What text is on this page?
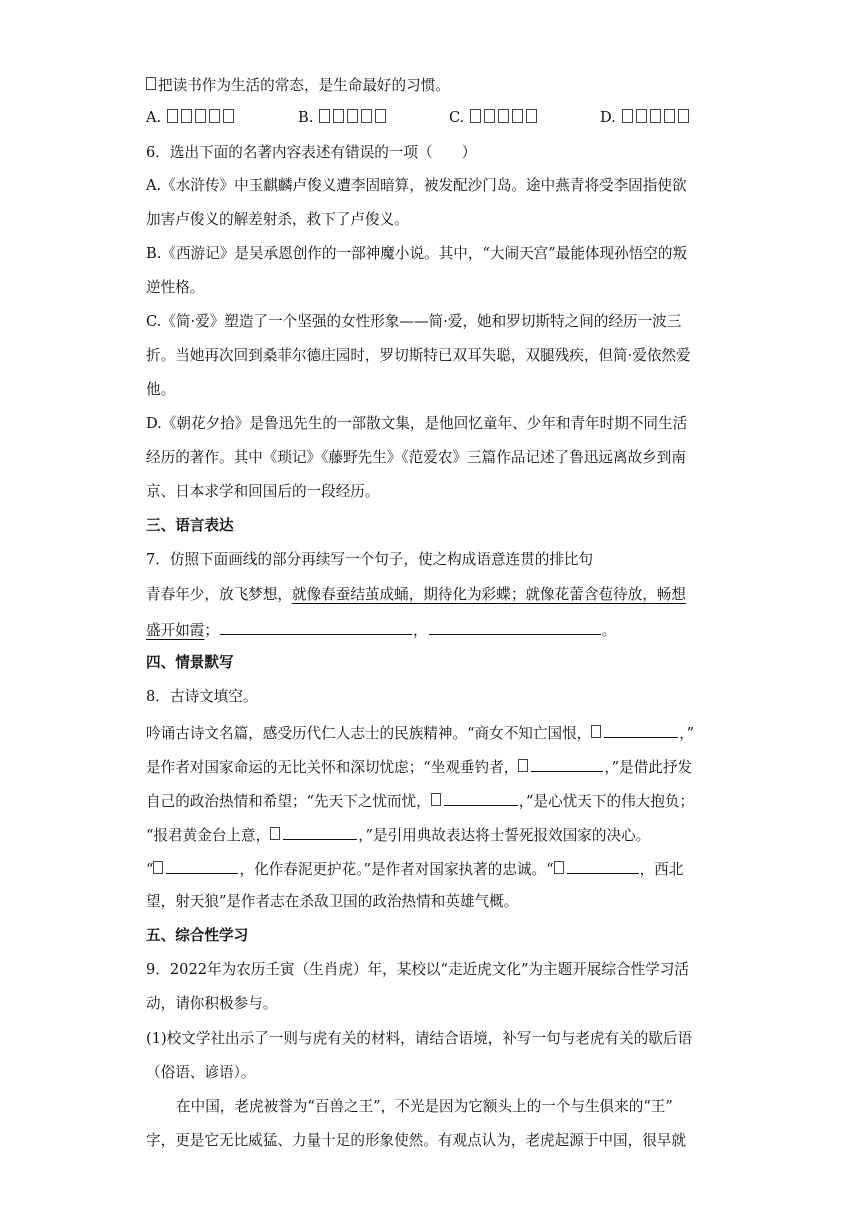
把读书作为生活的常态，是生命最好的习惯。
A.	B.	C.	D.
6．选出下面的名著内容表述有错误的一项（　　）
A.《水浒传》中玉麒麟卢俊义遭李固暗算，被发配沙门岛。途中燕青将受李固指使欲
加害卢俊义的解差射杀，救下了卢俊义。
B.《西游记》是吴承恩创作的一部神魔小说。其中，“大闹天宫”最能体现孙悟空的叛
逆性格。
C.《简·爱》塑造了一个坚强的女性形象——简·爱，她和罗切斯特之间的经历一波三
折。当她再次回到桑菲尔德庄园时，罗切斯特已双耳失聪，双腿残疾，但简·爱依然爱
他。
D.《朝花夕拾》是鲁迅先生的一部散文集，是他回忆童年、少年和青年时期不同生活
经历的著作。其中《琐记》《藤野先生》《范爱农》三篇作品记述了鲁迅远离故乡到南
京、日本求学和回国后的一段经历。
三、语言表达
7．仿照下面画线的部分再续写一个句子，使之构成语意连贯的排比句
青春年少，放飞梦想，就像春蚕结茧成蛹，期待化为彩蝶；就像花蕾含苞待放，畅想
盛开如霞；	，	。
四、情景默写
8．古诗文填空。
吟诵古诗文名篇，感受历代仁人志士的民族精神。“商女不知亡国恨，	，”
是作者对国家命运的无比关怀和深切忧虑；“坐观垂钓者，	，”是借此抒发
自己的政治热情和希望；“先天下之忧而忧，	，”是心忧天下的伟大抱负；
“报君黄金台上意，	，”是引用典故表达将士誓死报效国家的决心。
“	，化作春泥更护花。”是作者对国家执著的忠诚。“	，西北
望，射天狼”是作者志在杀敌卫国的政治热情和英雄气概。
五、综合性学习
9．2022年为农历壬寅（生肖虎）年，某校以“走近虎文化”为主题开展综合性学习活
动，请你积极参与。
(1)校文学社出示了一则与虎有关的材料，请结合语境，补写一句与老虎有关的歇后语
（俗语、谚语）。
在中国，老虎被誉为“百兽之王”，不光是因为它额头上的一个与生俱来的“王”
字，更是它无比威猛、力量十足的形象使然。有观点认为，老虎起源于中国，很早就
